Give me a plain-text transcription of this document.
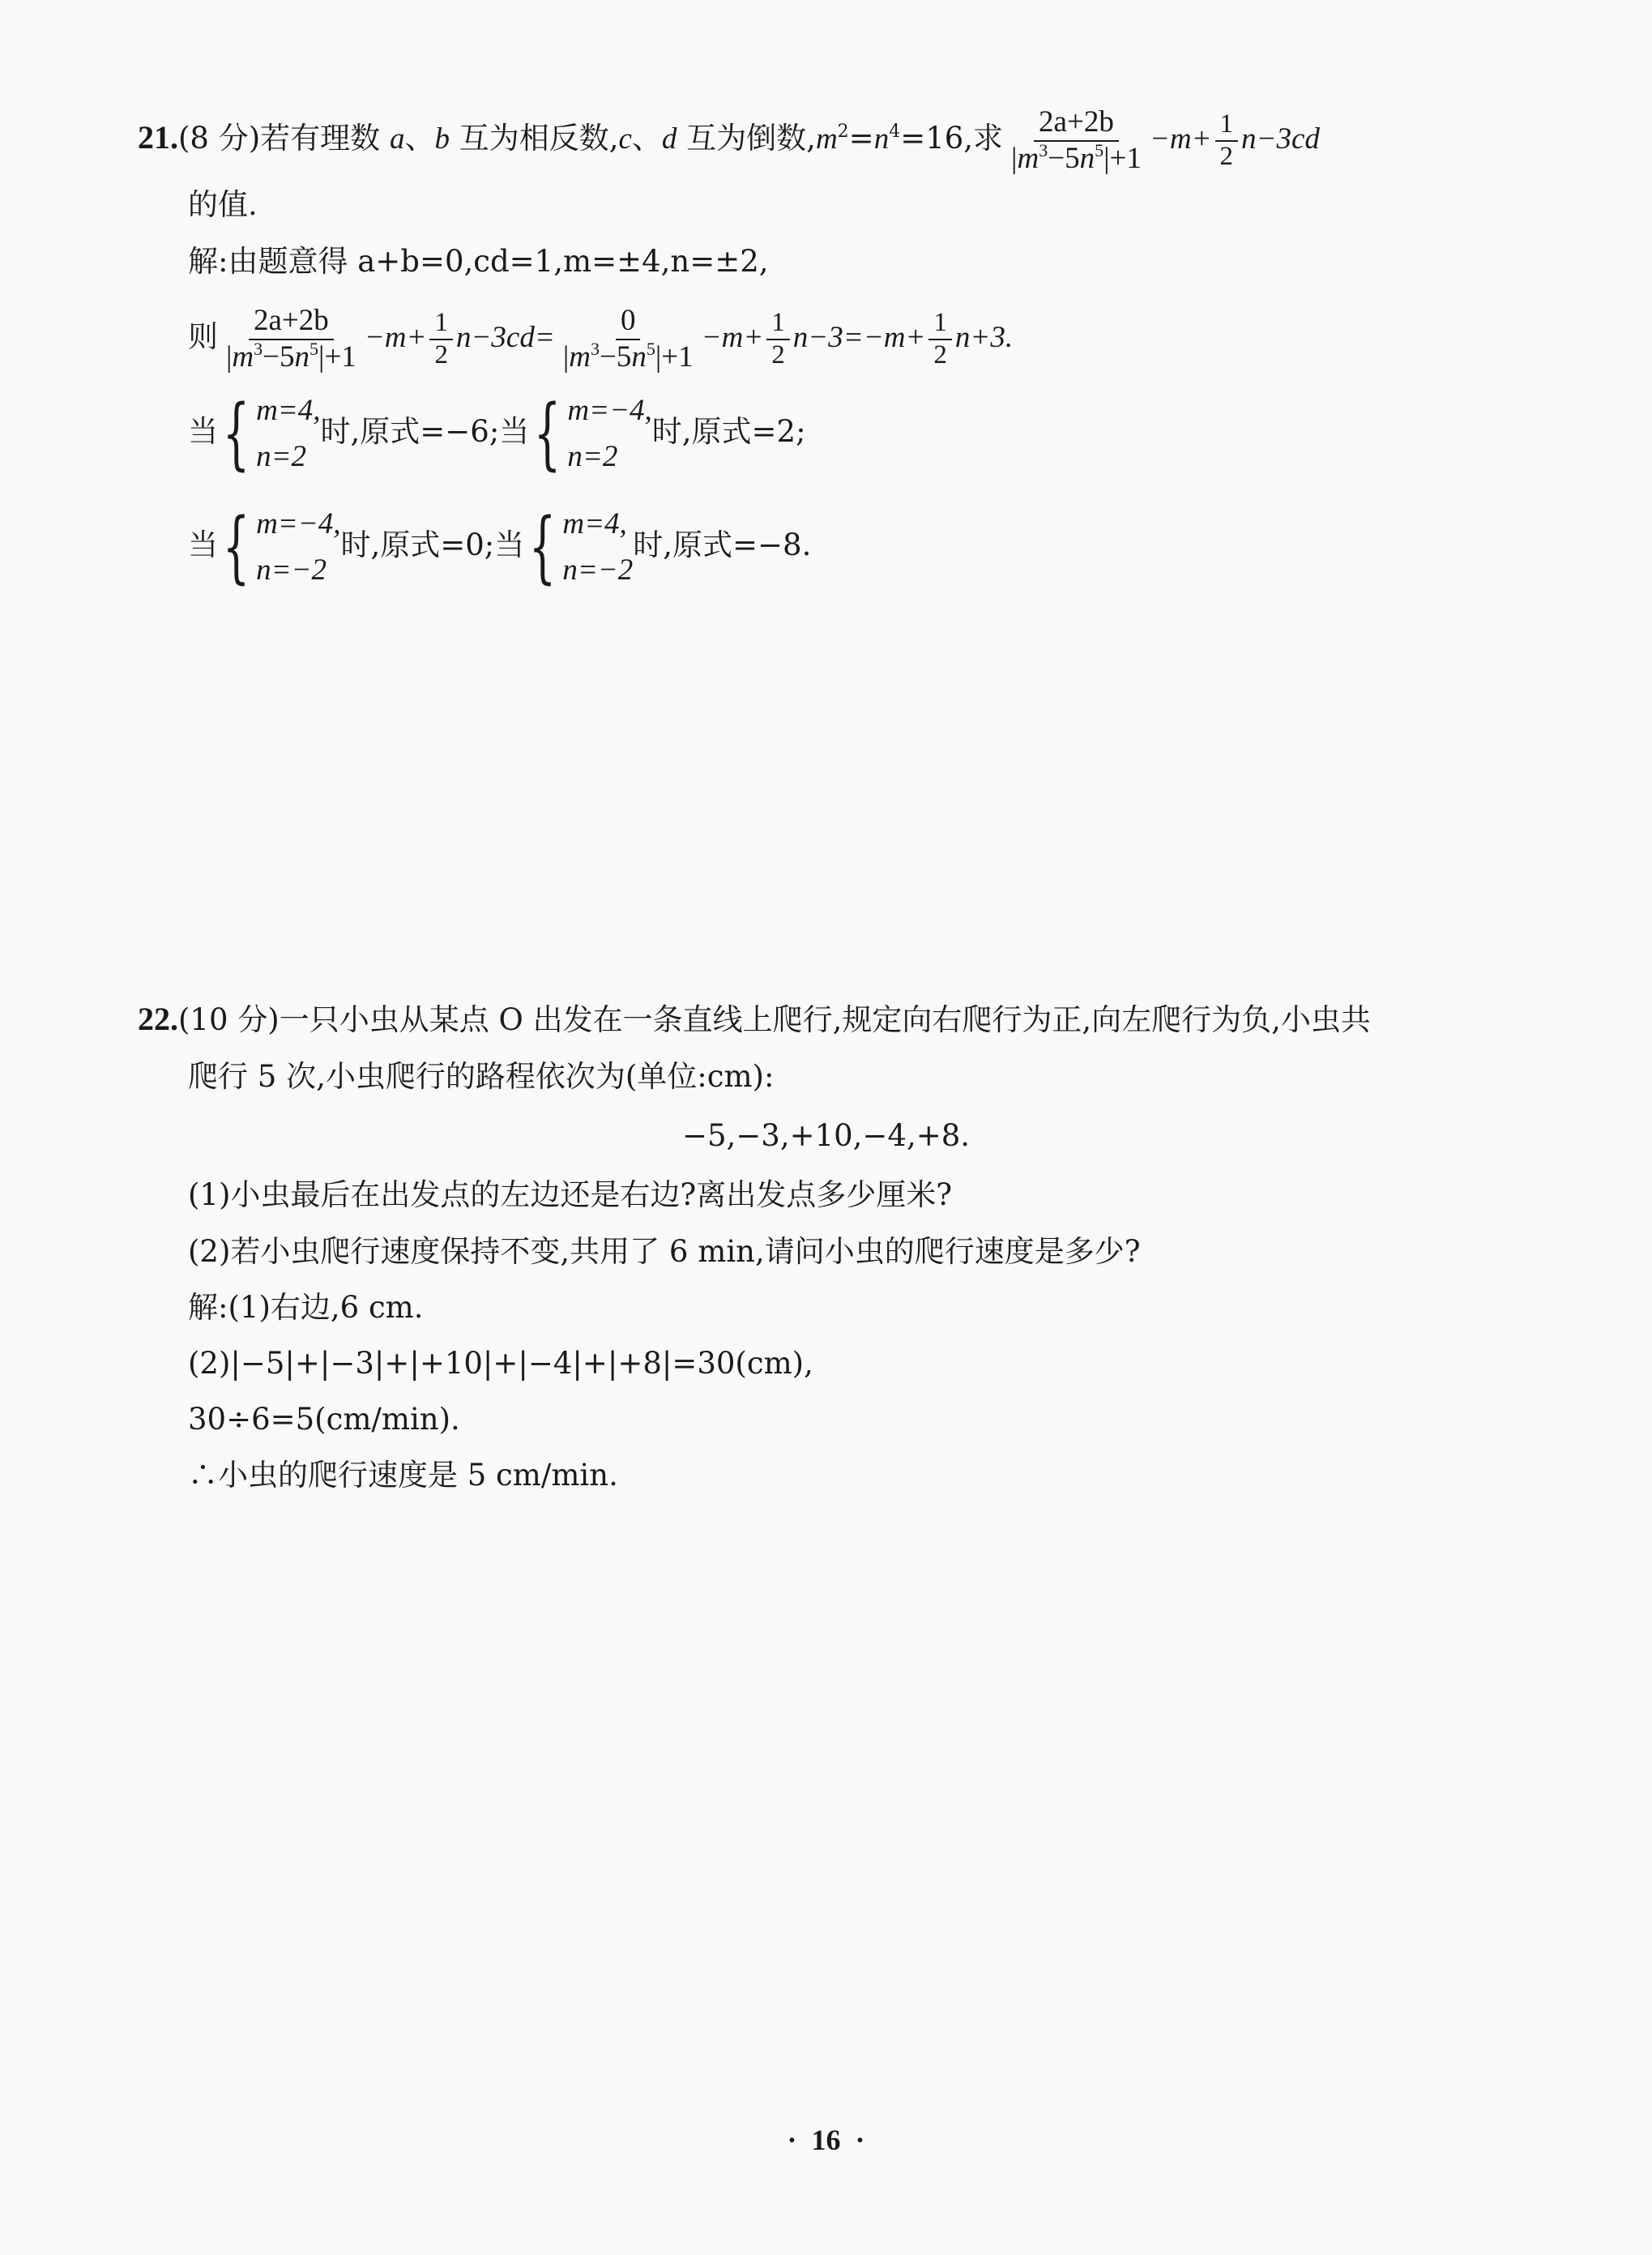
21.(8 分)若有理数 a、b 互为相反数,c、d 互为倒数$,m^2=n^4=16$,求 $\frac{2a+2b}{|m^3-5n^5|+1} -m+ \frac{1}{2} n-3cd$
的值.
解:由题意得 a+b=0,cd=1,m=±4,n=±2,
则 $\frac{2a+2b}{|m^3-5n^5|+1} -m+ \frac{1}{2} n-3cd= \frac{0}{|m^3-5n^5|+1} -m+ \frac{1}{2} n-3=-m+ \frac{1}{2} n+3$.
当 { m=4,
n=2
时,原式=−6;当 { m=−4,
n=2
时,原式=2;
当 { m=−4,
n=−2
时,原式=0;当 { m=4,
n=−2
时,原式=−8.
22.(10 分)一只小虫从某点 O 出发在一条直线上爬行,规定向右爬行为正,向左爬行为负,小虫共
爬行 5 次,小虫爬行的路程依次为(单位:cm):
−5,−3,+10,−4,+8.
(1)小虫最后在出发点的左边还是右边?离出发点多少厘米?
(2)若小虫爬行速度保持不变,共用了 6 min,请问小虫的爬行速度是多少?
解:(1)右边,6 cm.
(2)|−5|+|−3|+|+10|+|−4|+|+8|=30(cm),
30÷6=5(cm/min).
∴小虫的爬行速度是 5 cm/min.
·  16  ·
